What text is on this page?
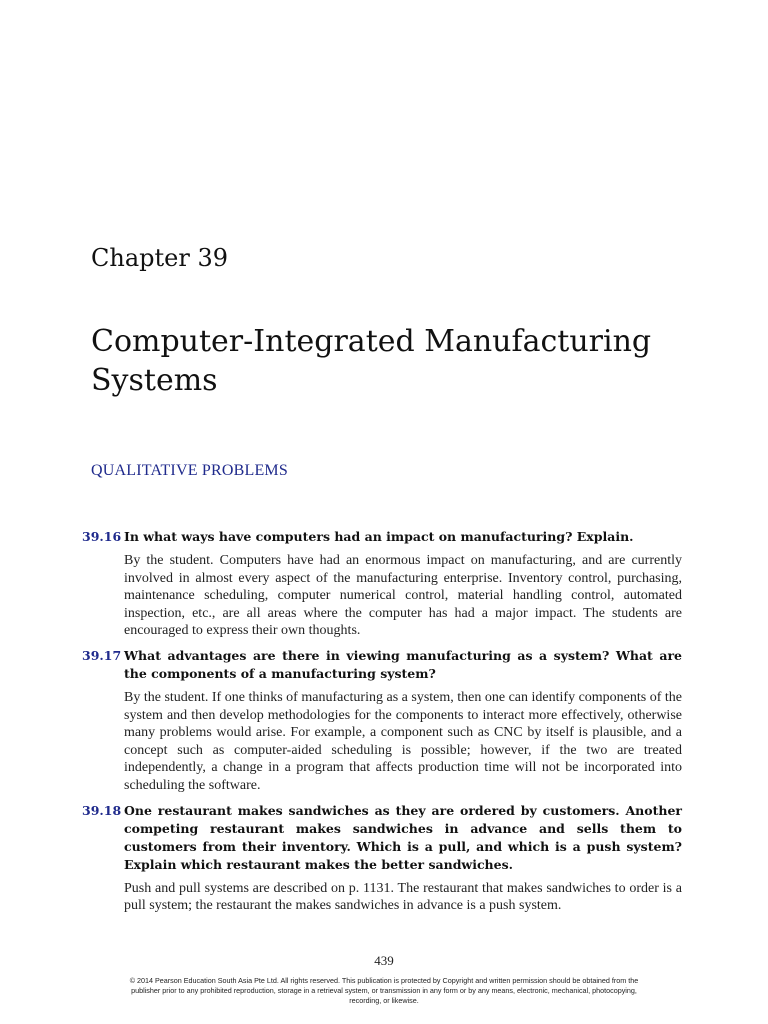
Chapter 39
Computer-Integrated Manufacturing Systems
QUALITATIVE PROBLEMS
39.16 In what ways have computers had an impact on manufacturing? Explain.
By the student. Computers have had an enormous impact on manufacturing, and are currently involved in almost every aspect of the manufacturing enterprise. Inventory control, purchasing, maintenance scheduling, computer numerical control, material handling control, automated inspection, etc., are all areas where the computer has had a major impact. The students are encouraged to express their own thoughts.
39.17 What advantages are there in viewing manufacturing as a system? What are the components of a manufacturing system?
By the student. If one thinks of manufacturing as a system, then one can identify components of the system and then develop methodologies for the components to interact more effectively, otherwise many problems would arise. For example, a component such as CNC by itself is plausible, and a concept such as computer-aided scheduling is possible; however, if the two are treated independently, a change in a program that affects production time will not be incorporated into scheduling the software.
39.18 One restaurant makes sandwiches as they are ordered by customers. Another competing restaurant makes sandwiches in advance and sells them to customers from their inventory. Which is a pull, and which is a push system? Explain which restaurant makes the better sandwiches.
Push and pull systems are described on p. 1131. The restaurant that makes sandwiches to order is a pull system; the restaurant the makes sandwiches in advance is a push system.
439
© 2014 Pearson Education South Asia Pte Ltd. All rights reserved. This publication is protected by Copyright and written permission should be obtained from the publisher prior to any prohibited reproduction, storage in a retrieval system, or transmission in any form or by any means, electronic, mechanical, photocopying, recording, or likewise.
